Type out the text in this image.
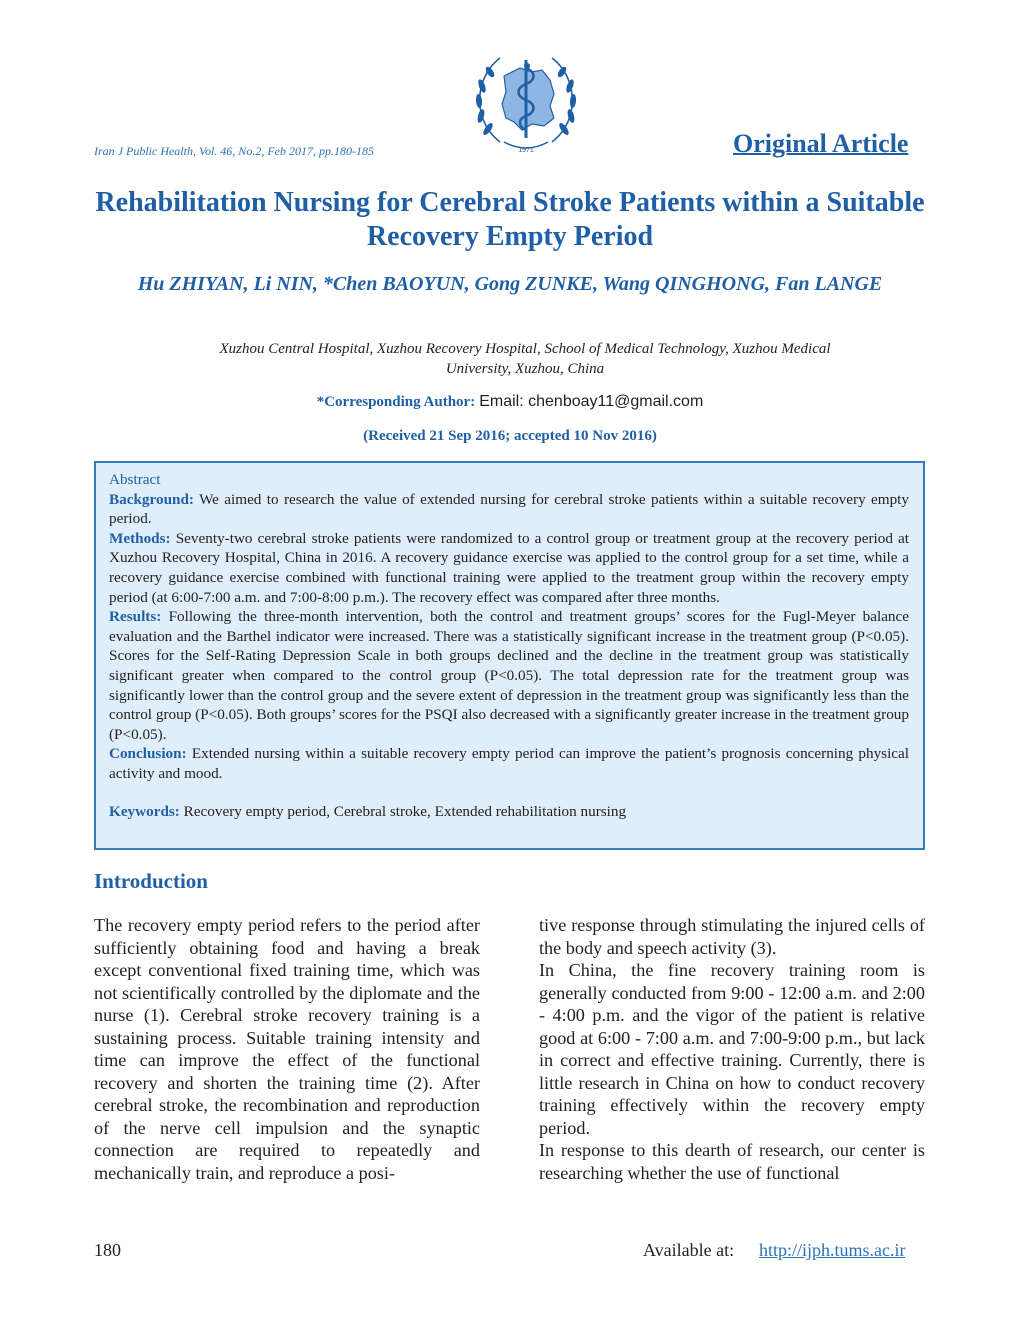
1971
Iran J Public Health, Vol. 46, No.2, Feb 2017, pp.180-185	Original Article
Rehabilitation Nursing for Cerebral Stroke Patients within a Suitable Recovery Empty Period

Hu ZHIYAN, Li NIN, *Chen BAOYUN, Gong ZUNKE, Wang QINGHONG, Fan LANGE

Xuzhou Central Hospital, Xuzhou Recovery Hospital, School of Medical Technology, Xuzhou Medical University, Xuzhou, China

*Corresponding Author: Email: chenboay11@gmail.com
(Received 21 Sep 2016; accepted 10 Nov 2016)

Abstract

Background: We aimed to research the value of extended nursing for cerebral stroke patients within a suitable recovery empty period.

Methods: Seventy-two cerebral stroke patients were randomized to a control group or treatment group at the recovery period at Xuzhou Recovery Hospital, China in 2016. A recovery guidance exercise was applied to the control group for a set time, while a recovery guidance exercise combined with functional training were applied to the treatment group within the recovery empty period (at 6:00-7:00 a.m. and 7:00-8:00 p.m.). The recovery effect was compared after three months.

Results: Following the three-month intervention, both the control and treatment groups’ scores for the Fugl-Meyer balance evaluation and the Barthel indicator were increased. There was a statistically significant increase in the treatment group (P<0.05). Scores for the Self-Rating Depression Scale in both groups declined and the decline in the treatment group was statistically significant greater when compared to the control group (P<0.05). The total depression rate for the treatment group was significantly lower than the control group and the severe extent of depression in the treatment group was significantly less than the control group (P<0.05). Both groups’ scores for the PSQI also decreased with a significantly greater increase in the treatment group (P<0.05).

Conclusion: Extended nursing within a suitable recovery empty period can improve the patient’s prognosis concerning physical activity and mood.

Keywords: Recovery empty period, Cerebral stroke, Extended rehabilitation nursing

Introduction

The recovery empty period refers to the period after sufficiently obtaining food and having a break except conventional fixed training time, which was not scientifically controlled by the diplomate and the nurse (1). Cerebral stroke recovery training is a sustaining process. Suitable training intensity and time can improve the effect of the functional recovery and shorten the training time (2). After cerebral stroke, the recombination and reproduction of the nerve cell impulsion and the synaptic connection are required to repeatedly and mechanically train, and reproduce a posi-

tive response through stimulating the injured cells of the body and speech activity (3).

In China, the fine recovery training room is generally conducted from 9:00 - 12:00 a.m. and 2:00 - 4:00 p.m. and the vigor of the patient is relative good at 6:00 - 7:00 a.m. and 7:00-9:00 p.m., but lack in correct and effective training. Currently, there is little research in China on how to conduct recovery training effectively within the recovery empty period.

In response to this dearth of research, our center is researching whether the use of functional

180	Available at: http://ijph.tums.ac.ir
